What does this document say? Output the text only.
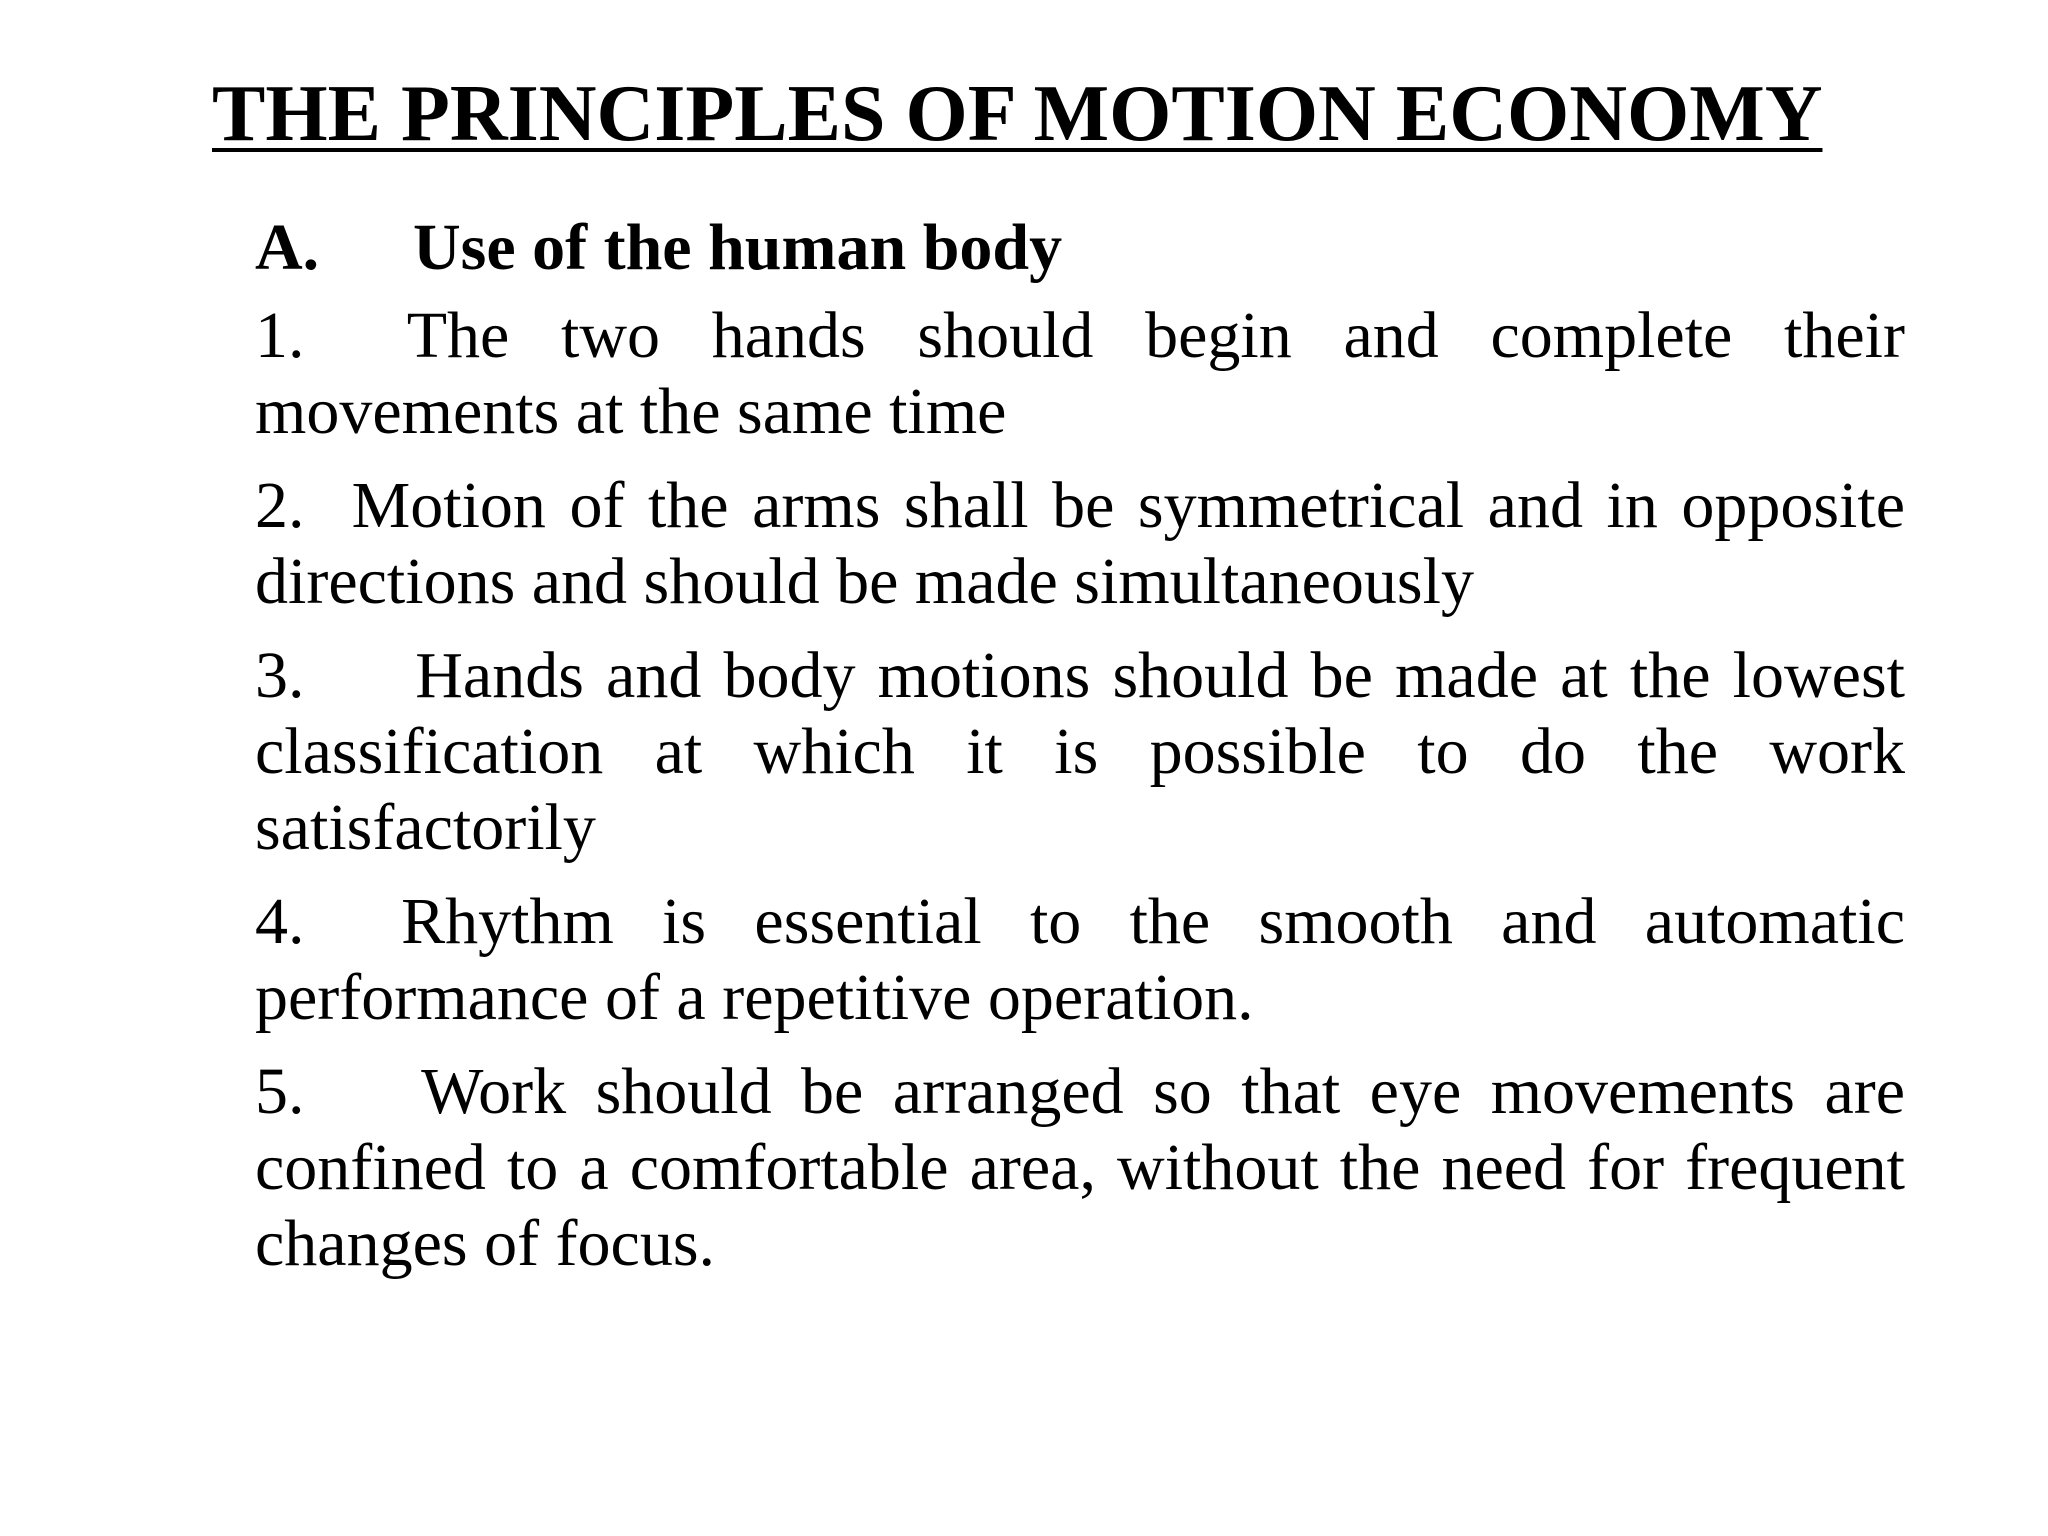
THE PRINCIPLES OF MOTION ECONOMY
A. Use of the human body

1. The two hands should begin and complete their movements at the same time

2. Motion of the arms shall be symmetrical and in opposite directions and should be made simultaneously

3. Hands and body motions should be made at the lowest classification at which it is possible to do the work satisfactorily

4. Rhythm is essential to the smooth and automatic performance of a repetitive operation.

5. Work should be arranged so that eye movements are confined to a comfortable area, without the need for frequent changes of focus.
